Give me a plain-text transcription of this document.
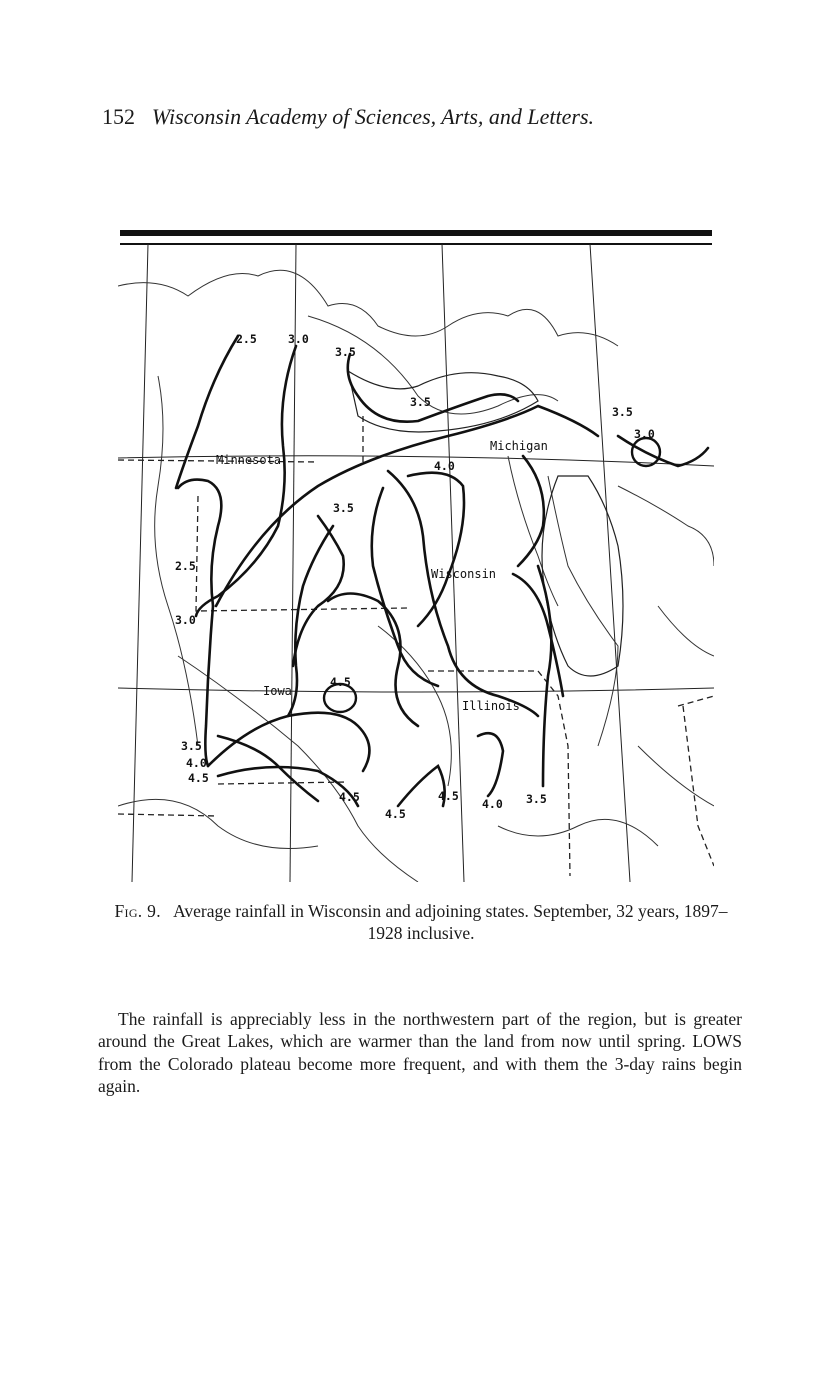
152 Wisconsin Academy of Sciences, Arts, and Letters.
Minnesota
Michigan
Wisconsin
Iowa
Illinois
2.5	3.0
3.5
3.5
3.5
4.0
3.5
3.0
2.5
3.0
4.5
3.5
4.0
4.5
4.5
4.5
4.5
4.0 3.5
Fig. 9. Average rainfall in Wisconsin and adjoining states. September, 32 years, 1897–1928 inclusive.

The rainfall is appreciably less in the northwestern part of the region, but is greater around the Great Lakes, which are warmer than the land from now until spring. LOWS from the Colorado plateau become more frequent, and with them the 3-day rains begin again.
